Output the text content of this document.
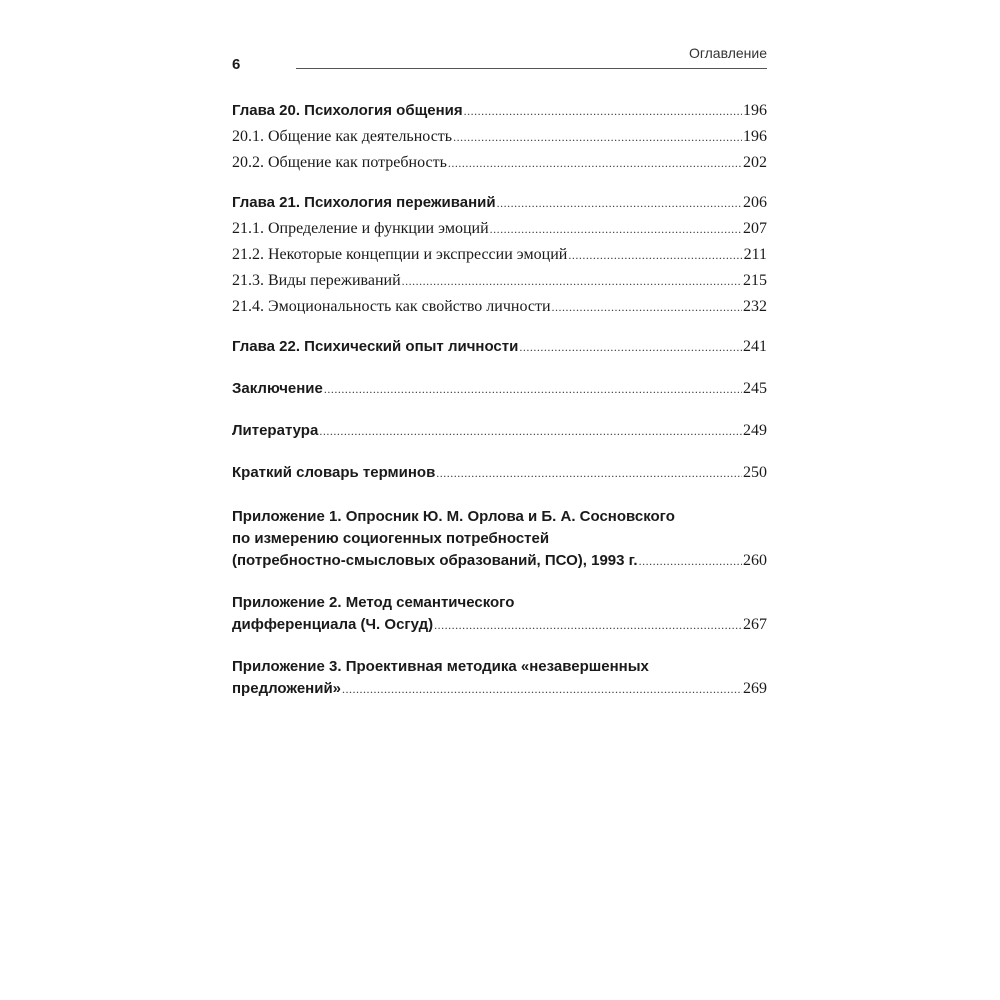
6
Оглавление
Глава 20. Психология общения .....	196
20.1. Общение как деятельность .....	196
20.2. Общение как потребность .....	202
Глава 21. Психология переживаний .....	206
21.1. Определение и функции эмоций .....	207
21.2. Некоторые концепции и экспрессии эмоций .....	211
21.3. Виды переживаний .....	215
21.4. Эмоциональность как свойство личности .....	232
Глава 22. Психический опыт личности .....	241
Заключение .....	245
Литература .....	249
Краткий словарь терминов .....	250
Приложение 1. Опросник Ю. М. Орлова и Б. А. Сосновского
по измерению социогенных потребностей
(потребностно-смысловых образований, ПСО), 1993 г. .....	260
Приложение 2. Метод семантического
дифференциала (Ч. Осгуд) .....	267
Приложение 3. Проективная методика «незавершенных
предложений» .....	269
